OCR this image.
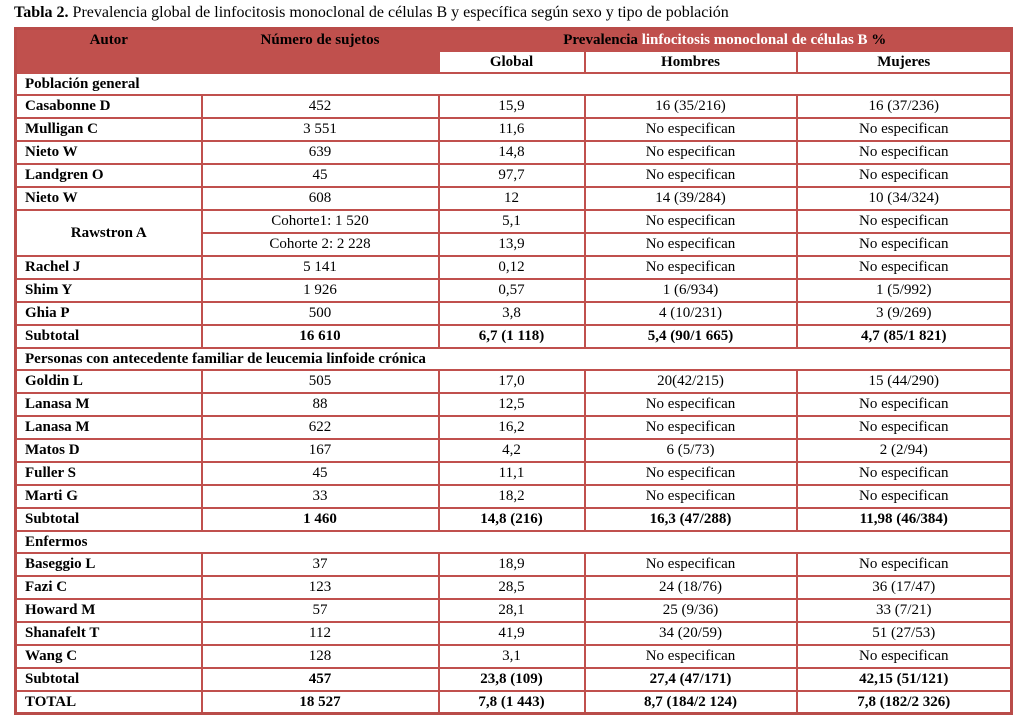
Tabla 2. Prevalencia global de linfocitosis monoclonal de células B y específica según sexo y tipo de población

Autor	Número de sujetos	Prevalencia linfocitosis monoclonal de células B %		
		Global	Hombres	Mujeres
Población general				
Casabonne D	452	15,9	16 (35/216)	16 (37/236)
Mulligan C	3 551	11,6	No especifican	No especifican
Nieto W	639	14,8	No especifican	No especifican
Landgren O	45	97,7	No especifican	No especifican
Nieto W	608	12	14 (39/284)	10 (34/324)
Rawstron A	Cohorte1: 1 520	5,1	No especifican	No especifican
	Cohorte 2: 2 228	13,9	No especifican	No especifican
Rachel J	5 141	0,12	No especifican	No especifican
Shim Y	1 926	0,57	1 (6/934)	1 (5/992)
Ghia P	500	3,8	4 (10/231)	3 (9/269)
Subtotal	16 610	6,7 (1 118)	5,4 (90/1 665)	4,7 (85/1 821)
Personas con antecedente familiar de leucemia linfoide crónica				
Goldin L	505	17,0	20(42/215)	15 (44/290)
Lanasa M	88	12,5	No especifican	No especifican
Lanasa M	622	16,2	No especifican	No especifican
Matos D	167	4,2	6 (5/73)	2 (2/94)
Fuller S	45	11,1	No especifican	No especifican
Marti G	33	18,2	No especifican	No especifican
Subtotal	1 460	14,8 (216)	16,3 (47/288)	11,98 (46/384)
Enfermos				
Baseggio L	37	18,9	No especifican	No especifican
Fazi C	123	28,5	24 (18/76)	36 (17/47)
Howard M	57	28,1	25 (9/36)	33 (7/21)
Shanafelt T	112	41,9	34 (20/59)	51 (27/53)
Wang C	128	3,1	No especifican	No especifican
Subtotal	457	23,8 (109)	27,4 (47/171)	42,15 (51/121)
TOTAL	18 527	7,8 (1 443)	8,7 (184/2 124)	7,8 (182/2 326)
